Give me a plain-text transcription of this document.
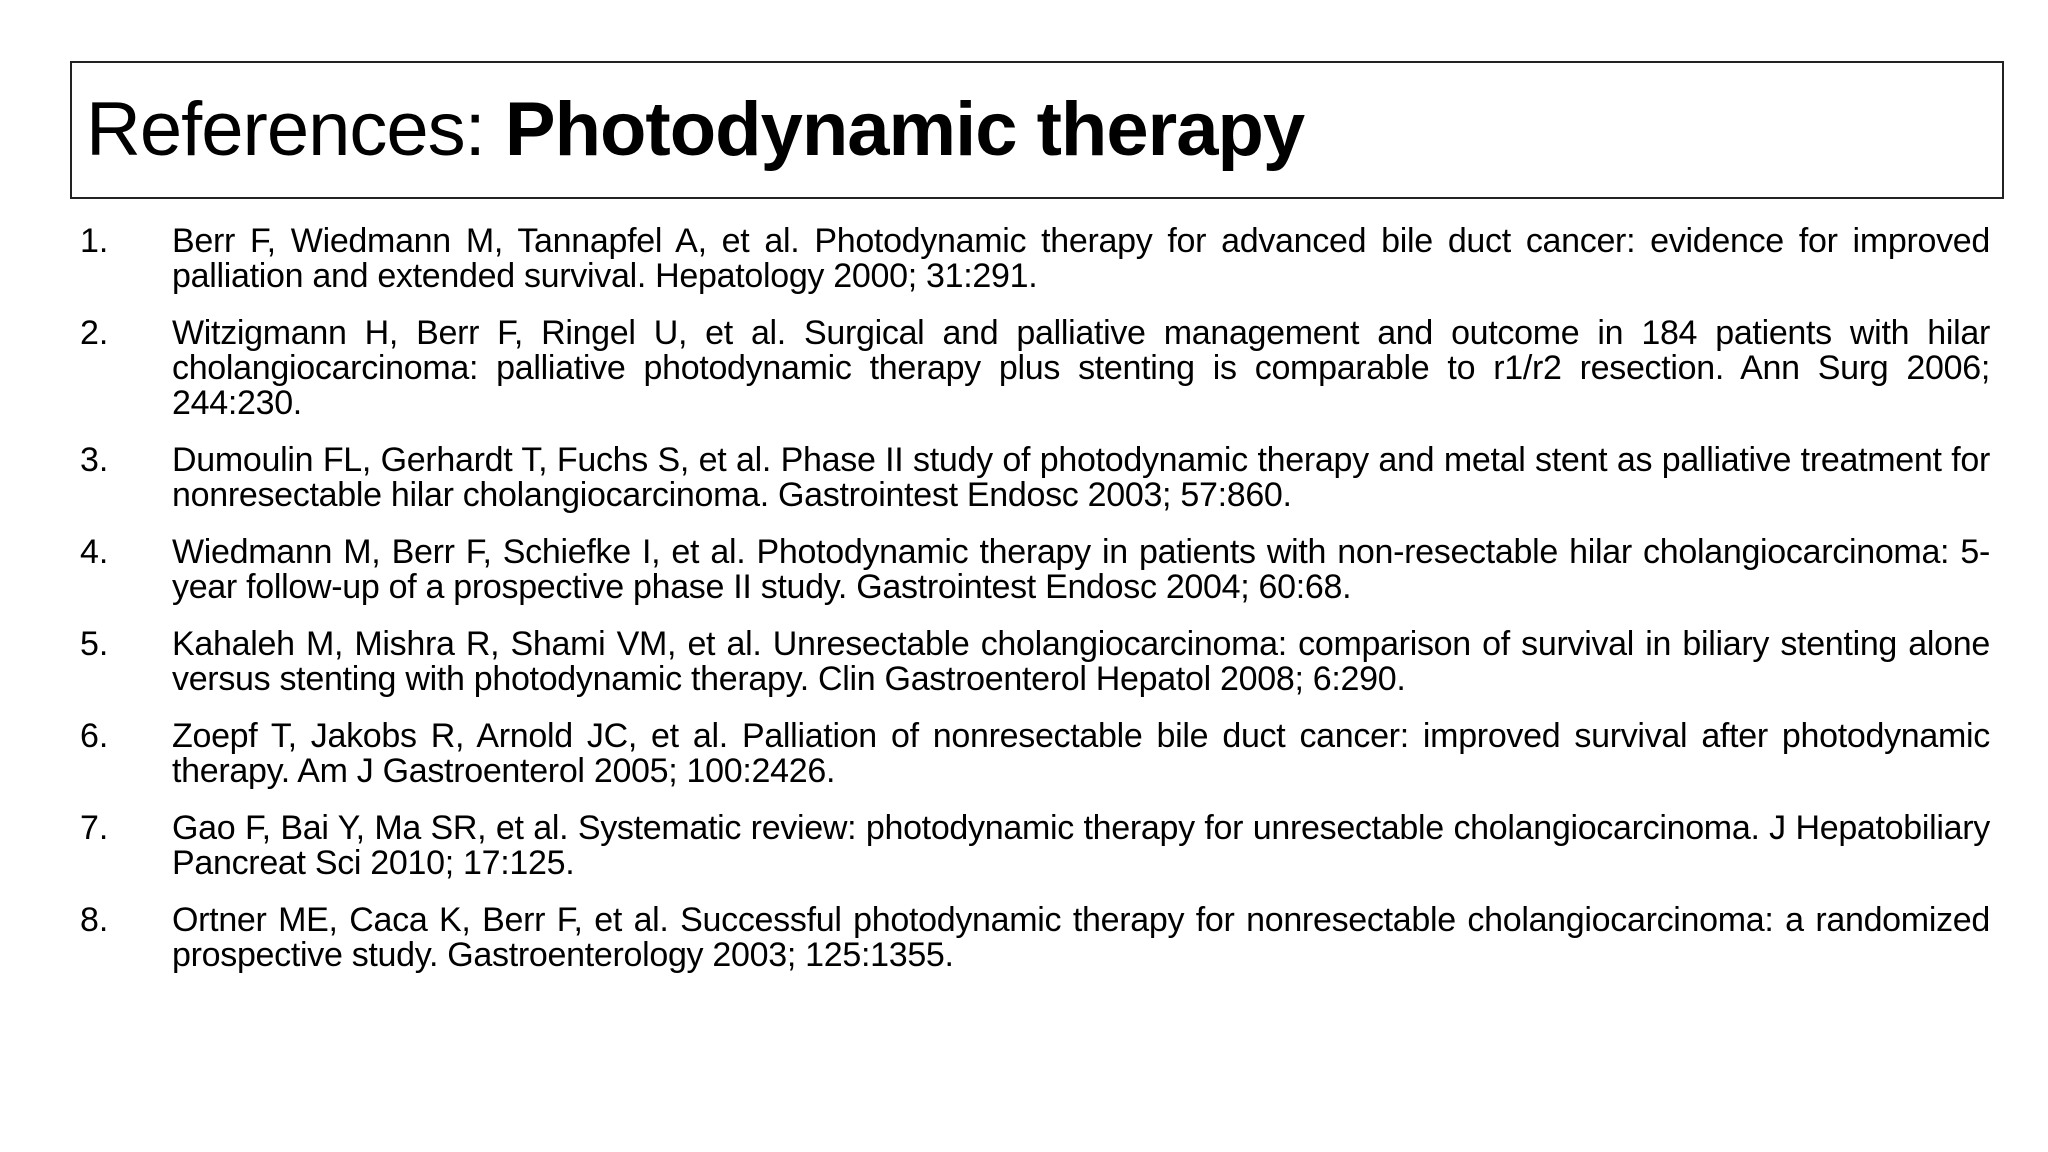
References: Photodynamic therapy
1.	Berr F, Wiedmann M, Tannapfel A, et al. Photodynamic therapy for advanced bile duct cancer: evidence for improved palliation and extended survival. Hepatology 2000; 31:291.
2.	Witzigmann H, Berr F, Ringel U, et al. Surgical and palliative management and outcome in 184 patients with hilar cholangiocarcinoma: palliative photodynamic therapy plus stenting is comparable to r1/r2 resection. Ann Surg 2006; 244:230.
3.	Dumoulin FL, Gerhardt T, Fuchs S, et al. Phase II study of photodynamic therapy and metal stent as palliative treatment for nonresectable hilar cholangiocarcinoma. Gastrointest Endosc 2003; 57:860.
4.	Wiedmann M, Berr F, Schiefke I, et al. Photodynamic therapy in patients with non-resectable hilar cholangiocarcinoma: 5-year follow-up of a prospective phase II study. Gastrointest Endosc 2004; 60:68.
5.	Kahaleh M, Mishra R, Shami VM, et al. Unresectable cholangiocarcinoma: comparison of survival in biliary stenting alone versus stenting with photodynamic therapy. Clin Gastroenterol Hepatol 2008; 6:290.
6.	Zoepf T, Jakobs R, Arnold JC, et al. Palliation of nonresectable bile duct cancer: improved survival after photodynamic therapy. Am J Gastroenterol 2005; 100:2426.
7.	Gao F, Bai Y, Ma SR, et al. Systematic review: photodynamic therapy for unresectable cholangiocarcinoma. J Hepatobiliary Pancreat Sci 2010; 17:125.
8.	Ortner ME, Caca K, Berr F, et al. Successful photodynamic therapy for nonresectable cholangiocarcinoma: a randomized prospective study. Gastroenterology 2003; 125:1355.
